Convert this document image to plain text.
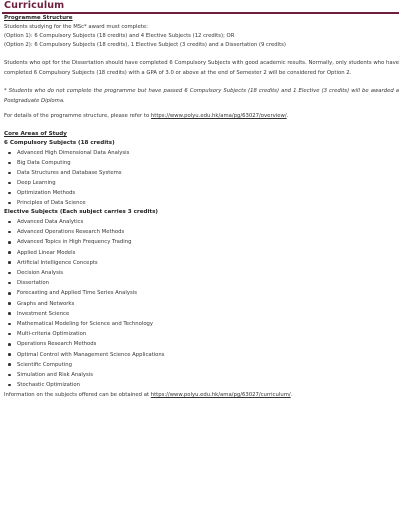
Curriculum
Programme Structure
Students studying for the MSc* award must complete:
(Option 1): 6 Compulsory Subjects (18 credits) and 4 Elective Subjects (12 credits); OR
(Option 2): 6 Compulsory Subjects (18 credits), 1 Elective Subject (3 credits) and a Dissertation (9 credits)

Students who opt for the Dissertation should have completed 6 Compulsory Subjects with good academic results. Normally, only students who have completed 6 Compulsory Subjects (18 credits) with a GPA of 3.0 or above at the end of Semester 2 will be considered for Option 2.

* Students who do not complete the programme but have passed 6 Compulsory Subjects (18 credits) and 1 Elective (3 credits) will be awarded a Postgraduate Diploma.

For details of the programme structure, please refer to https://www.polyu.edu.hk/ama/pg/63027/overview/.
Core Areas of Study
6 Compulsory Subjects (18 credits)
Advanced High Dimensional Data Analysis
Big Data Computing
Data Structures and Database Systems
Deep Learning
Optimization Methods
Principles of Data Science
Elective Subjects (Each subject carries 3 credits)
Advanced Data Analytics
Advanced Operations Research Methods
Advanced Topics in High Frequency Trading
Applied Linear Models
Artificial Intelligence Concepts
Decision Analysis
Dissertation
Forecasting and Applied Time Series Analysis
Graphs and Networks
Investment Science
Mathematical Modeling for Science and Technology
Multi-criteria Optimization
Operations Research Methods
Optimal Control with Management Science Applications
Scientific Computing
Simulation and Risk Analysis
Stochastic Optimization
Information on the subjects offered can be obtained at https://www.polyu.edu.hk/ama/pg/63027/curriculum/.
